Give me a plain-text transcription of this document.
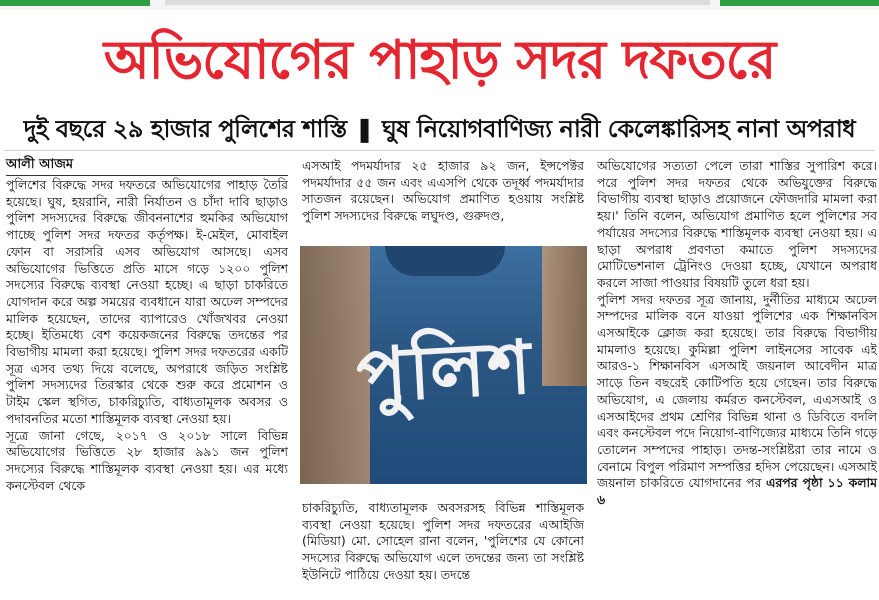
অভিযোগের পাহাড় সদর দফতরে
দুই বছরে ২৯ হাজার পুলিশের শাস্তি ❚ ঘুষ নিয়োগবাণিজ্য নারী কেলেঙ্কারিসহ নানা অপরাধ
আলী আজম

পুলিশের বিরুদ্ধে সদর দফতরে অভিযোগের পাহাড় তৈরি হয়েছে। ঘুষ, হয়রানি, নারী নির্যাতন ও চাঁদা দাবি ছাড়াও পুলিশ সদস্যদের বিরুদ্ধে জীবননাশের হুমকির অভিযোগ পাচ্ছে পুলিশ সদর দফতর কর্তৃপক্ষ। ই-মেইল, মোবাইল ফোন বা সরাসরি এসব অভিযোগ আসছে। এসব অভিযোগের ভিত্তিতে প্রতি মাসে গড়ে ১২০০ পুলিশ সদস্যের বিরুদ্ধে ব্যবস্থা নেওয়া হচ্ছে। এ ছাড়া চাকরিতে যোগদান করে অল্প সময়ের ব্যবধানে যারা অঢেল সম্পদের মালিক হয়েছেন, তাদের ব্যাপারেও খোঁজখবর নেওয়া হচ্ছে। ইতিমধ্যে বেশ কয়েকজনের বিরুদ্ধে তদন্তের পর বিভাগীয় মামলা করা হয়েছে। পুলিশ সদর দফতরের একটি সূত্র এসব তথ্য দিয়ে বলেছে, অপরাধে জড়িত সংশ্লিষ্ট পুলিশ সদস্যদের তিরস্কার থেকে শুরু করে প্রমোশন ও টাইম স্কেল স্থগিত, চাকরিচ্যুতি, বাধ্যতামূলক অবসর ও পদাবনতির মতো শাস্তিমূলক ব্যবস্থা নেওয়া হয়।

সূত্রে জানা গেছে, ২০১৭ ও ২০১৮ সালে বিভিন্ন অভিযোগের ভিত্তিতে ২৮ হাজার ৯৯১ জন পুলিশ সদস্যের বিরুদ্ধে শাস্তিমূলক ব্যবস্থা নেওয়া হয়। এর মধ্যে কনস্টেবল থেকে

এসআই পদমর্যাদার ২৫ হাজার ৯২ জন, ইন্সপেক্টর পদমর্যাদার ৫৫ জন এবং এএসপি থেকে তদূর্ধ্ব পদমর্যাদার সাতজন রয়েছেন। অভিযোগ প্রমাণিত হওয়ায় সংশ্লিষ্ট পুলিশ সদস্যদের বিরুদ্ধে লঘুদণ্ড, গুরুদণ্ড,

পুলিশ

চাকরিচ্যুতি, বাধ্যতামূলক অবসরসহ বিভিন্ন শাস্তিমূলক ব্যবস্থা নেওয়া হয়েছে। পুলিশ সদর দফতরের এআইজি (মিডিয়া) মো. সোহেল রানা বলেন, 'পুলিশের যে কোনো সদস্যের বিরুদ্ধে অভিযোগ এলে তদন্তের জন্য তা সংশ্লিষ্ট ইউনিটে পাঠিয়ে দেওয়া হয়। তদন্তে

অভিযোগের সত্যতা পেলে তারা শাস্তির সুপারিশ করে। পরে পুলিশ সদর দফতর থেকে অভিযুক্তের বিরুদ্ধে বিভাগীয় ব্যবস্থা ছাড়াও প্রয়োজনে ফৌজদারি মামলা করা হয়।' তিনি বলেন, অভিযোগ প্রমাণিত হলে পুলিশের সব পর্যায়ের সদস্যের বিরুদ্ধে শাস্তিমূলক ব্যবস্থা নেওয়া হয়। এ ছাড়া অপরাধ প্রবণতা কমাতে পুলিশ সদস্যদের মোটিভেশনাল ট্রেনিংও দেওয়া হচ্ছে, যেখানে অপরাধ করলে সাজা পাওয়ার বিষয়টি তুলে ধরা হয়।

পুলিশ সদর দফতর সূত্র জানায়, দুর্নীতির মাধ্যমে অঢেল সম্পদের মালিক বনে যাওয়া পুলিশের এক শিক্ষানবিস এসআইকে ক্লোজ করা হয়েছে। তার বিরুদ্ধে বিভাগীয় মামলাও হয়েছে। কুমিল্লা পুলিশ লাইনসের সাবেক এই আরও-১ শিক্ষানবিস এসআই জয়নাল আবেদীন মাত্র সাড়ে তিন বছরেই কোটিপতি হয়ে গেছেন। তার বিরুদ্ধে অভিযোগ, এ জেলায় কর্মরত কনস্টেবল, এএসআই ও এসআইদের প্রথম শ্রেণির বিভিন্ন থানা ও ডিবিতে বদলি এবং কনস্টেবল পদে নিয়োগ-বাণিজ্যের মাধ্যমে তিনি গড়ে তোলেন সম্পদের পাহাড়। তদন্ত-সংশ্লিষ্টরা তার নামে ও বেনামে বিপুল পরিমাণ সম্পত্তির হদিস পেয়েছেন। এসআই জয়নাল চাকরিতে যোগদানের পর এরপর পৃষ্ঠা ১১ কলাম ৬
